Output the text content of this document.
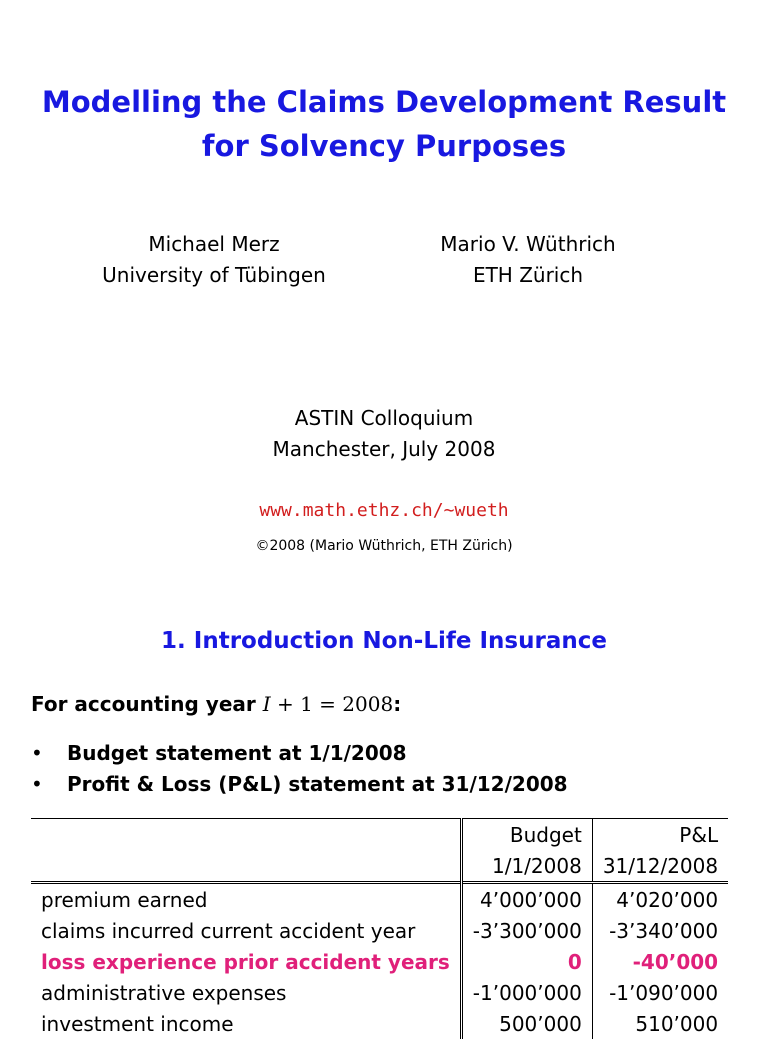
Modelling the Claims Development Result
for Solvency Purposes
Michael Merz
University of Tübingen
Mario V. Wüthrich
ETH Zürich
ASTIN Colloquium
Manchester, July 2008
www.math.ethz.ch/∼wueth
©2008 (Mario Wüthrich, ETH Zürich)
1. Introduction Non-Life Insurance
For accounting year I + 1 = 2008:
• Budget statement at 1/1/2008
• Profit & Loss (P&L) statement at 31/12/2008
	Budget	P&L
	1/1/2008	31/12/2008
premium earned	4’000’000	4’020’000
claims incurred current accident year	-3’300’000	-3’340’000
loss experience prior accident years	0	-40’000
administrative expenses	-1’000’000	-1’090’000
investment income	500’000	510’000
